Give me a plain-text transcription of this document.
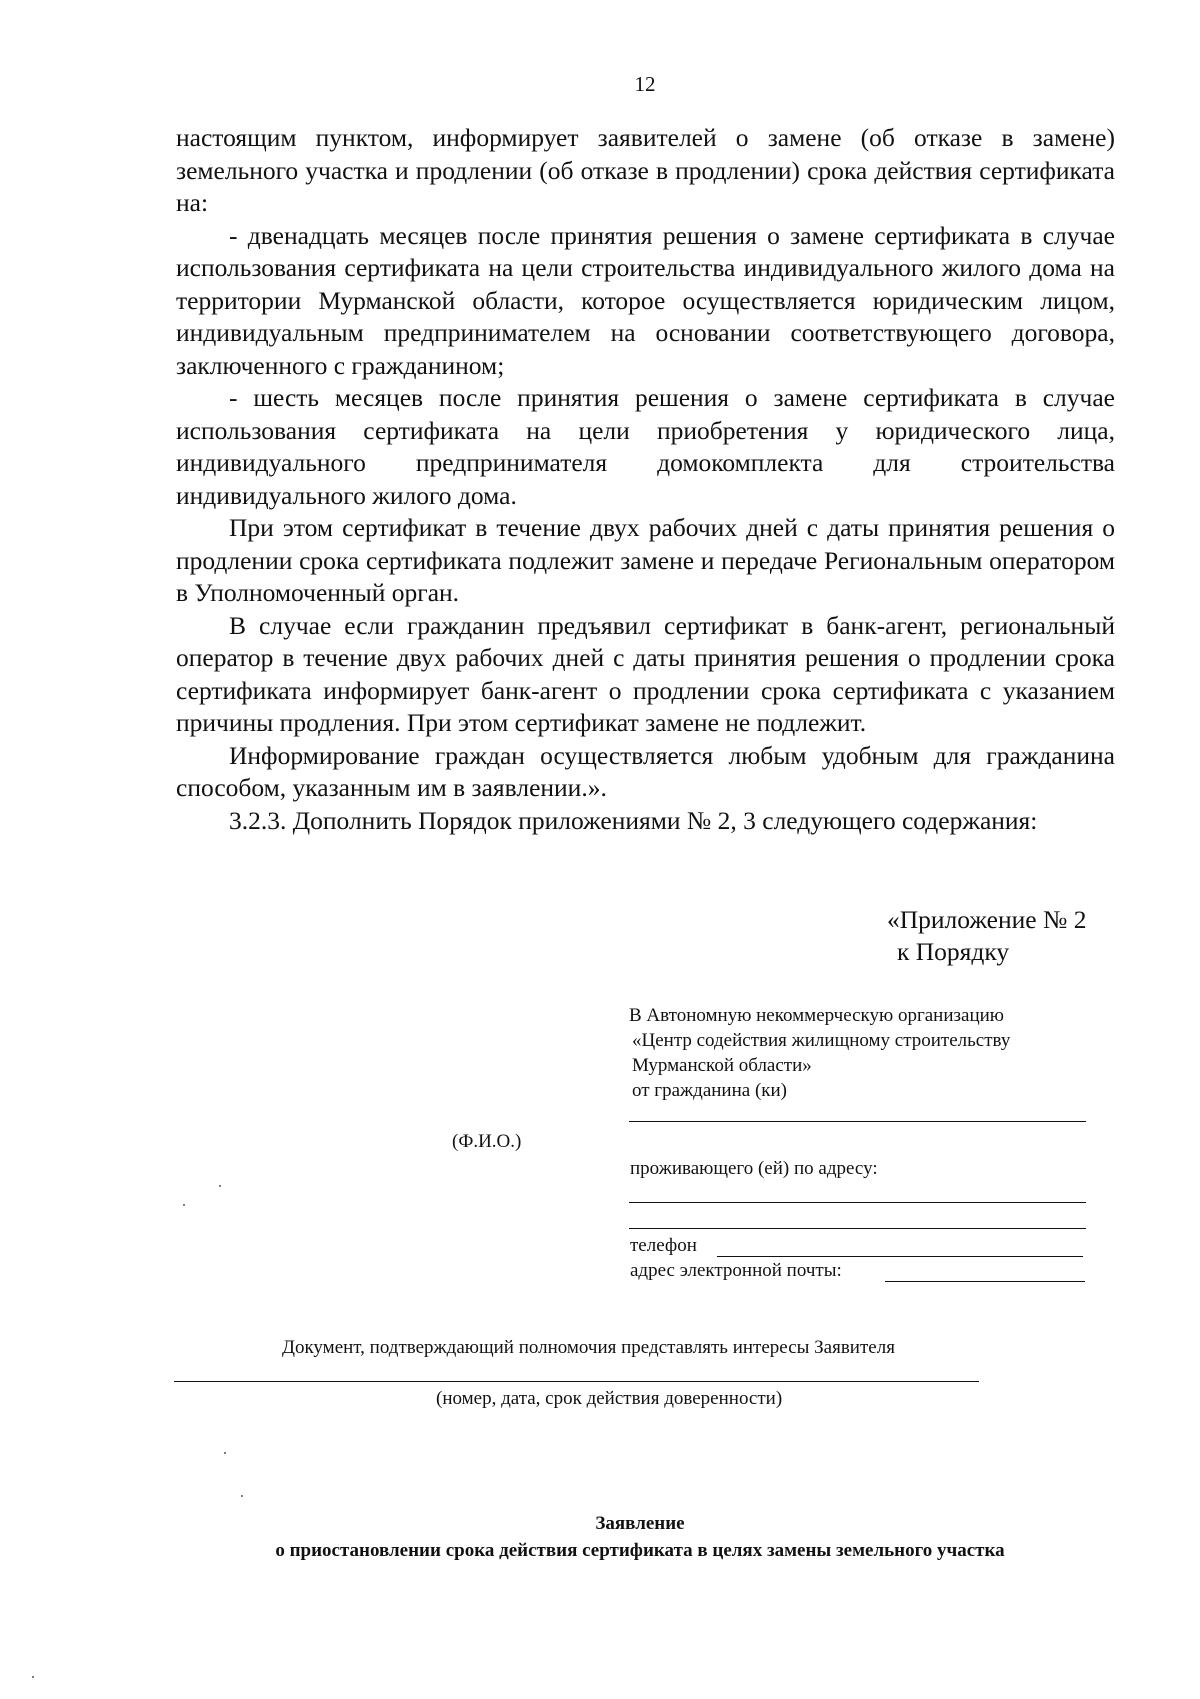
12

настоящим пунктом, информирует заявителей о замене (об отказе в замене) земельного участка и продлении (об отказе в продлении) срока действия сертификата на:

- двенадцать месяцев после принятия решения о замене сертификата в случае использования сертификата на цели строительства индивидуального жилого дома на территории Мурманской области, которое осуществляется юридическим лицом, индивидуальным предпринимателем на основании соответствующего договора, заключенного с гражданином;

- шесть месяцев после принятия решения о замене сертификата в случае использования сертификата на цели приобретения у юридического лица, индивидуального предпринимателя домокомплекта для строительства индивидуального жилого дома.

При этом сертификат в течение двух рабочих дней с даты принятия решения о продлении срока сертификата подлежит замене и передаче Региональным оператором в Уполномоченный орган.

В случае если гражданин предъявил сертификат в банк-агент, региональный оператор в течение двух рабочих дней с даты принятия решения о продлении срока сертификата информирует банк-агент о продлении срока сертификата с указанием причины продления. При этом сертификат замене не подлежит.

Информирование граждан осуществляется любым удобным для гражданина способом, указанным им в заявлении.».

3.2.3. Дополнить Порядок приложениями № 2, 3 следующего содержания:

«Приложение № 2
к Порядку
В Автономную некоммерческую организацию
«Центр содействия жилищному строительству
Мурманской области»
от гражданина (ки)
(Ф.И.О.)
проживающего (ей) по адресу:
телефон
адрес электронной почты:
Документ, подтверждающий полномочия представлять интересы Заявителя
(номер, дата, срок действия доверенности)
Заявление
о приостановлении срока действия сертификата в целях замены земельного участка
